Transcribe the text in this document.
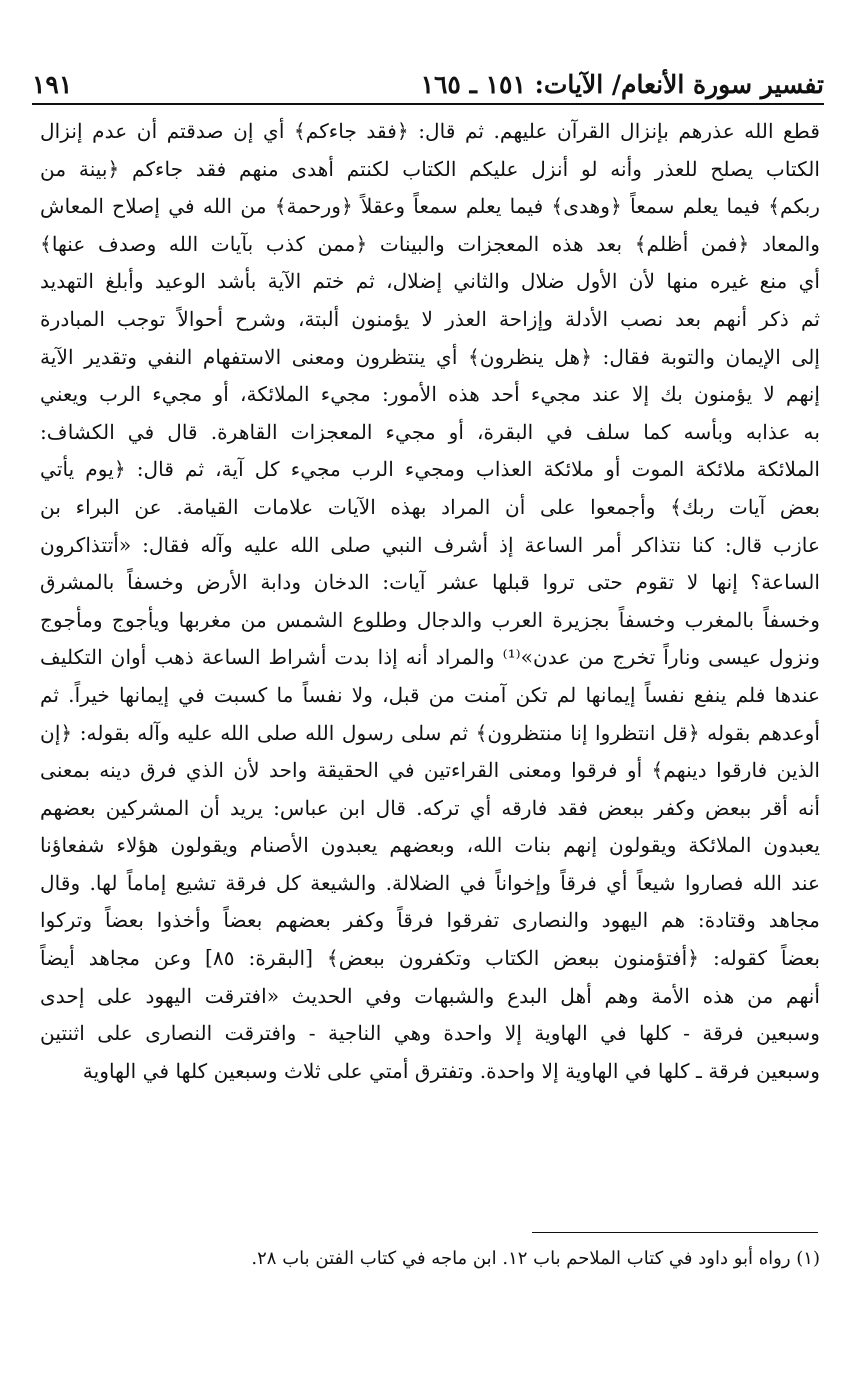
تفسير سورة الأنعام/ الآيات: ١٥١ ـ ١٦٥
١٩١
قطع الله عذرهم بإنزال القرآن عليهم. ثم قال: ﴿فقد جاءكم﴾ أي إن صدقتم أن عدم إنزال
الكتاب يصلح للعذر وأنه لو أنزل عليكم الكتاب لكنتم أهدى منهم فقد جاءكم ﴿بينة من
ربكم﴾ فيما يعلم سمعاً ﴿وهدى﴾ فيما يعلم سمعاً وعقلاً ﴿ورحمة﴾ من الله في إصلاح المعاش
والمعاد ﴿فمن أظلم﴾ بعد هذه المعجزات والبينات ﴿ممن كذب بآيات الله وصدف عنها﴾
أي منع غيره منها لأن الأول ضلال والثاني إضلال، ثم ختم الآية بأشد الوعيد وأبلغ التهديد
ثم ذكر أنهم بعد نصب الأدلة وإزاحة العذر لا يؤمنون ألبتة، وشرح أحوالاً توجب المبادرة
إلى الإيمان والتوبة فقال: ﴿هل ينظرون﴾ أي ينتظرون ومعنى الاستفهام النفي وتقدير الآية
إنهم لا يؤمنون بك إلا عند مجيء أحد هذه الأمور: مجيء الملائكة، أو مجيء الرب ويعني
به عذابه وبأسه كما سلف في البقرة، أو مجيء المعجزات القاهرة. قال في الكشاف:
الملائكة ملائكة الموت أو ملائكة العذاب ومجيء الرب مجيء كل آية، ثم قال: ﴿يوم يأتي
بعض آيات ربك﴾ وأجمعوا على أن المراد بهذه الآيات علامات القيامة. عن البراء بن
عازب قال: كنا نتذاكر أمر الساعة إذ أشرف النبي صلى الله عليه وآله فقال: «أتتذاكرون
الساعة؟ إنها لا تقوم حتى تروا قبلها عشر آيات: الدخان ودابة الأرض وخسفاً بالمشرق
وخسفاً بالمغرب وخسفاً بجزيرة العرب والدجال وطلوع الشمس من مغربها ويأجوج ومأجوج
ونزول عيسى وناراً تخرج من عدن»⁽¹⁾ والمراد أنه إذا بدت أشراط الساعة ذهب أوان التكليف
عندها فلم ينفع نفساً إيمانها لم تكن آمنت من قبل، ولا نفساً ما كسبت في إيمانها خيراً. ثم
أوعدهم بقوله ﴿قل انتظروا إنا منتظرون﴾ ثم سلى رسول الله صلى الله عليه وآله بقوله: ﴿إن
الذين فارقوا دينهم﴾ أو فرقوا ومعنى القراءتين في الحقيقة واحد لأن الذي فرق دينه بمعنى
أنه أقر ببعض وكفر ببعض فقد فارقه أي تركه. قال ابن عباس: يريد أن المشركين بعضهم
يعبدون الملائكة ويقولون إنهم بنات الله، وبعضهم يعبدون الأصنام ويقولون هؤلاء شفعاؤنا
عند الله فصاروا شيعاً أي فرقاً وإخواناً في الضلالة. والشيعة كل فرقة تشيع إماماً لها. وقال
مجاهد وقتادة: هم اليهود والنصارى تفرقوا فرقاً وكفر بعضهم بعضاً وأخذوا بعضاً وتركوا
بعضاً كقوله: ﴿أفتؤمنون ببعض الكتاب وتكفرون ببعض﴾ [البقرة: ٨٥] وعن مجاهد أيضاً
أنهم من هذه الأمة وهم أهل البدع والشبهات وفي الحديث «افترقت اليهود على إحدى
وسبعين فرقة - كلها في الهاوية إلا واحدة وهي الناجية - وافترقت النصارى على اثنتين
وسبعين فرقة ـ كلها في الهاوية إلا واحدة. وتفترق أمتي على ثلاث وسبعين كلها في الهاوية
(١) رواه أبو داود في كتاب الملاحم باب ١٢. ابن ماجه في كتاب الفتن باب ٢٨.
